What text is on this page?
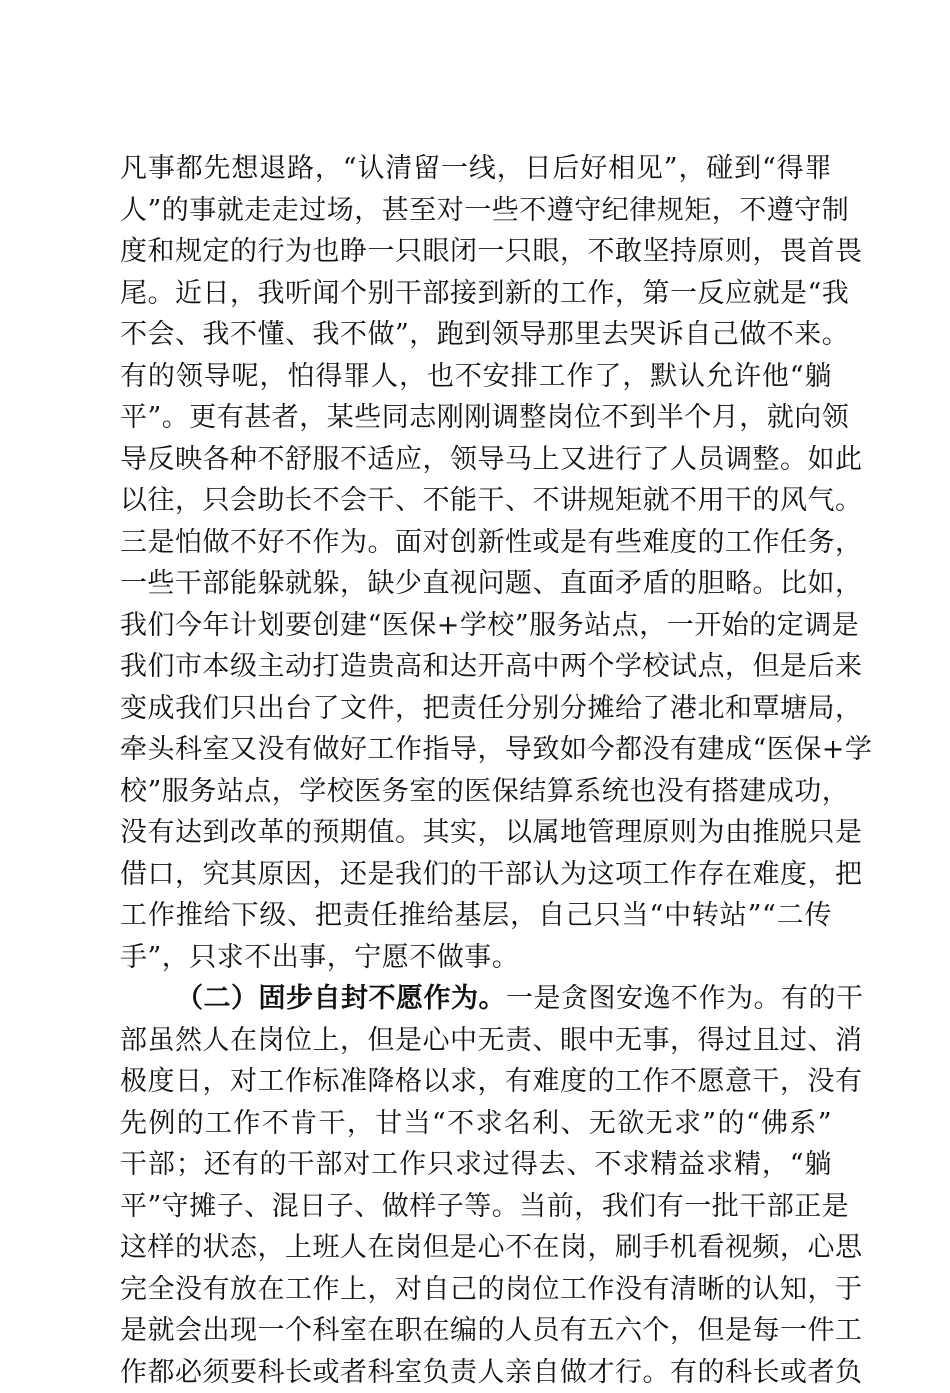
凡事都先想退路，“认清留一线，日后好相见”，碰到“得罪
人”的事就走走过场，甚至对一些不遵守纪律规矩，不遵守制
度和规定的行为也睁一只眼闭一只眼，不敢坚持原则，畏首畏
尾。近日，我听闻个别干部接到新的工作，第一反应就是“我
不会、我不懂、我不做”，跑到领导那里去哭诉自己做不来。
有的领导呢，怕得罪人，也不安排工作了，默认允许他“躺
平”。更有甚者，某些同志刚刚调整岗位不到半个月，就向领
导反映各种不舒服不适应，领导马上又进行了人员调整。如此
以往，只会助长不会干、不能干、不讲规矩就不用干的风气。
三是怕做不好不作为。面对创新性或是有些难度的工作任务，
一些干部能躲就躲，缺少直视问题、直面矛盾的胆略。比如，
我们今年计划要创建“医保+学校”服务站点，一开始的定调是
我们市本级主动打造贵高和达开高中两个学校试点，但是后来
变成我们只出台了文件，把责任分别分摊给了港北和覃塘局，
牵头科室又没有做好工作指导，导致如今都没有建成“医保+学
校”服务站点，学校医务室的医保结算系统也没有搭建成功，
没有达到改革的预期值。其实，以属地管理原则为由推脱只是
借口，究其原因，还是我们的干部认为这项工作存在难度，把
工作推给下级、把责任推给基层，自己只当“中转站”“二传
手”，只求不出事，宁愿不做事。
（二）固步自封不愿作为。一是贪图安逸不作为。有的干
部虽然人在岗位上，但是心中无责、眼中无事，得过且过、消
极度日，对工作标准降格以求，有难度的工作不愿意干，没有
先例的工作不肯干，甘当“不求名利、无欲无求”的“佛系”
干部；还有的干部对工作只求过得去、不求精益求精，“躺
平”守摊子、混日子、做样子等。当前，我们有一批干部正是
这样的状态，上班人在岗但是心不在岗，刷手机看视频，心思
完全没有放在工作上，对自己的岗位工作没有清晰的认知，于
是就会出现一个科室在职在编的人员有五六个，但是每一件工
作都必须要科长或者科室负责人亲自做才行。有的科长或者负
